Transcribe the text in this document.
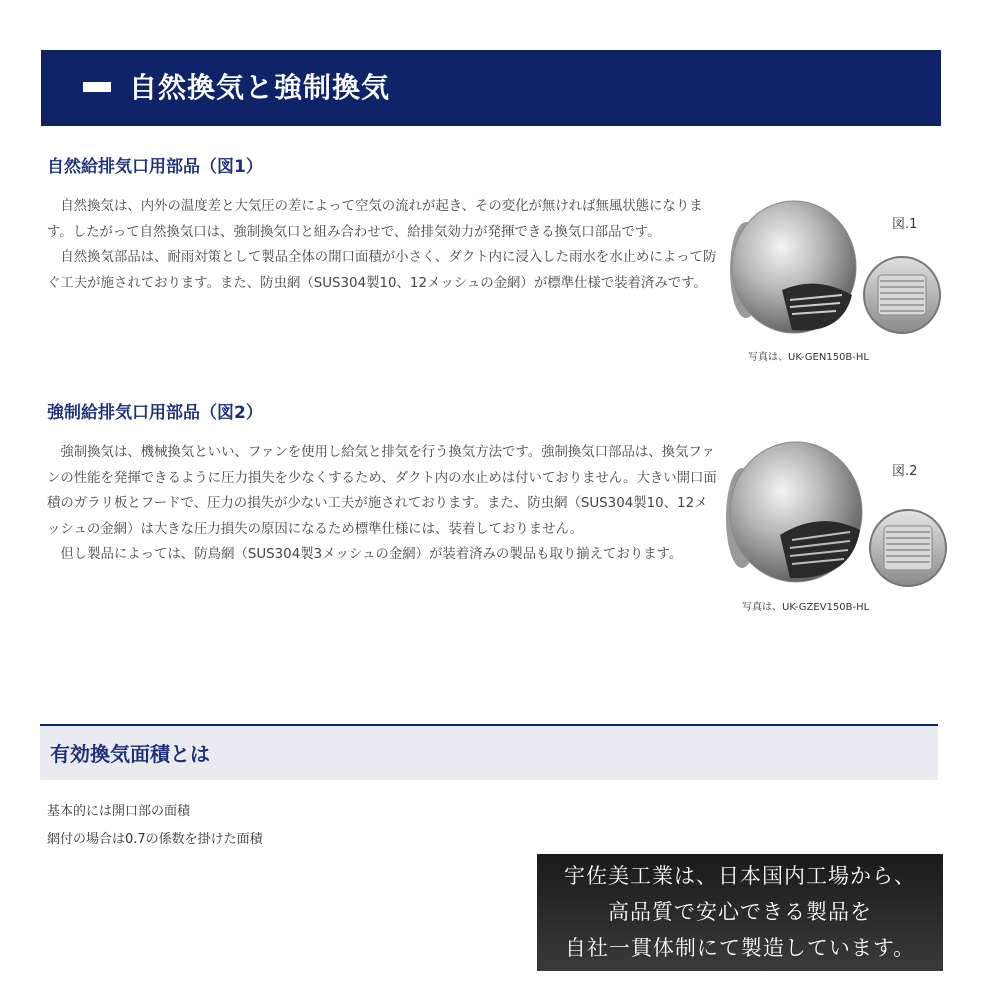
自然換気と強制換気
自然給排気口用部品（図1）

自然換気は、内外の温度差と大気圧の差によって空気の流れが起き、その変化が無ければ無風状態になります。したがって自然換気口は、強制換気口と組み合わせで、給排気効力が発揮できる換気口部品です。

自然換気部品は、耐雨対策として製品全体の開口面積が小さく、ダクト内に浸入した雨水を水止めによって防ぐ工夫が施されております。また、防虫網（SUS304製10、12メッシュの金網）が標準仕様で装着済みです。

図.1
写真は、UK-GEN150B-HL
強制給排気口用部品（図2）

強制換気は、機械換気といい、ファンを使用し給気と排気を行う換気方法です。強制換気口部品は、換気ファンの性能を発揮できるように圧力損失を少なくするため、ダクト内の水止めは付いておりません。大きい開口面積のガラリ板とフードで、圧力の損失が少ない工夫が施されております。また、防虫網（SUS304製10、12メッシュの金網）は大きな圧力損失の原因になるため標準仕様には、装着しておりません。

但し製品によっては、防鳥網（SUS304製3メッシュの金網）が装着済みの製品も取り揃えております。

図.2
写真は、UK-GZEV150B-HL
有効換気面積とは
基本的には開口部の面積
網付の場合は0.7の係数を掛けた面積
宇佐美工業は、日本国内工場から、
高品質で安心できる製品を
自社一貫体制にて製造しています。
